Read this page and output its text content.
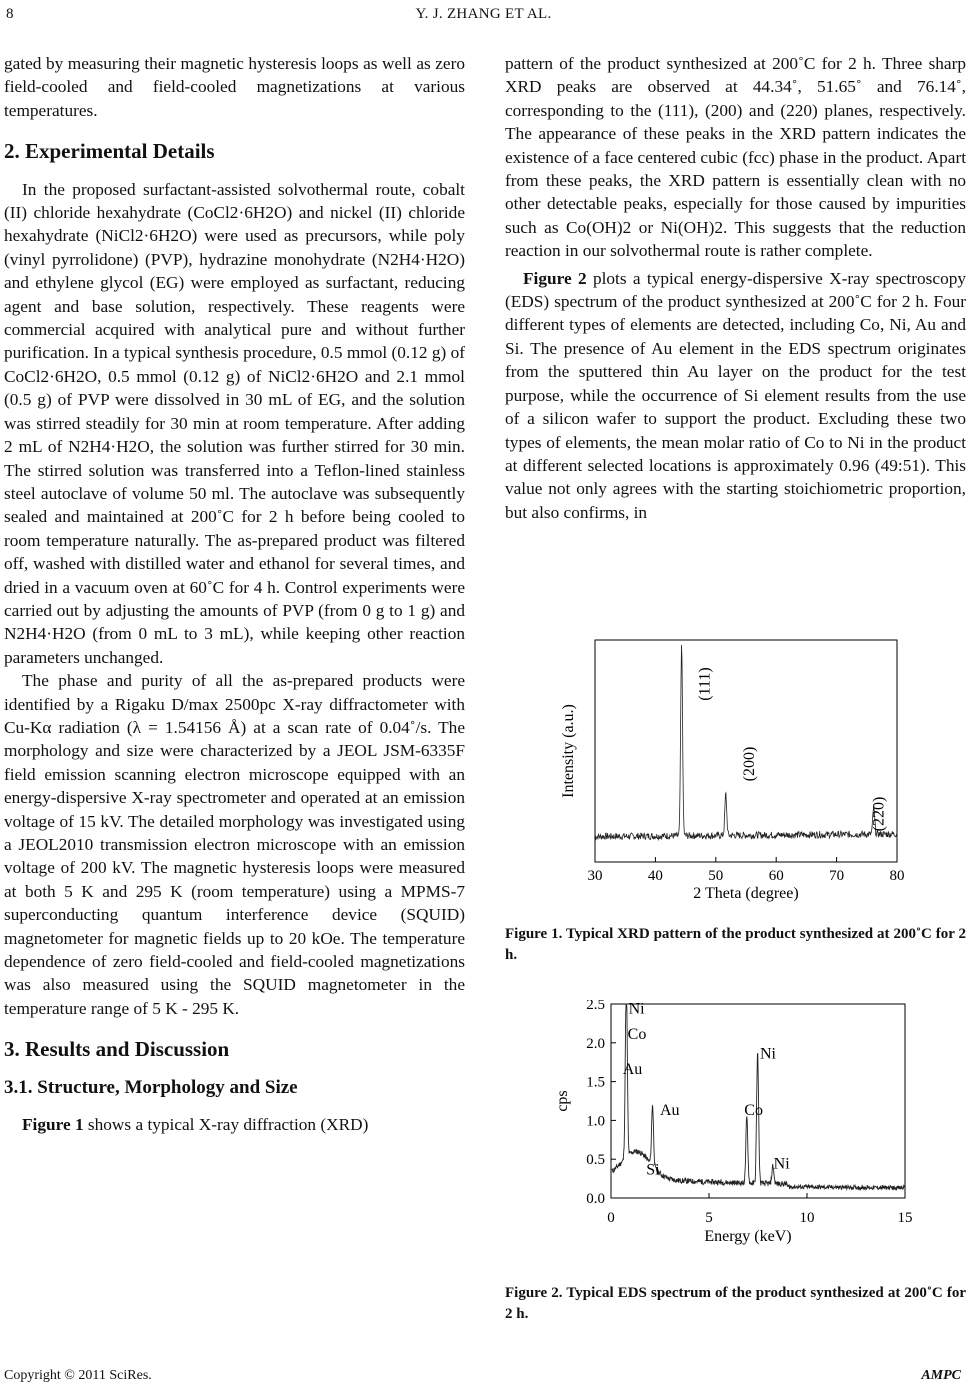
8	Y. J. ZHANG ET AL.

gated by measuring their magnetic hysteresis loops as well as zero field-cooled and field-cooled magnetizations at various temperatures.

2. Experimental Details

In the proposed surfactant-assisted solvothermal route, cobalt (II) chloride hexahydrate (CoCl2·6H2O) and nickel (II) chloride hexahydrate (NiCl2·6H2O) were used as precursors, while poly (vinyl pyrrolidone) (PVP), hydrazine monohydrate (N2H4·H2O) and ethylene glycol (EG) were employed as surfactant, reducing agent and base solution, respectively. These reagents were commercial acquired with analytical pure and without further purification. In a typical synthesis procedure, 0.5 mmol (0.12 g) of CoCl2·6H2O, 0.5 mmol (0.12 g) of NiCl2·6H2O and 2.1 mmol (0.5 g) of PVP were dissolved in 30 mL of EG, and the solution was stirred steadily for 30 min at room temperature. After adding 2 mL of N2H4·H2O, the solution was further stirred for 30 min. The stirred solution was transferred into a Teflon-lined stainless steel autoclave of volume 50 ml. The autoclave was subsequently sealed and maintained at 200˚C for 2 h before being cooled to room temperature naturally. The as-prepared product was filtered off, washed with distilled water and ethanol for several times, and dried in a vacuum oven at 60˚C for 4 h. Control experiments were carried out by adjusting the amounts of PVP (from 0 g to 1 g) and N2H4·H2O (from 0 mL to 3 mL), while keeping other reaction parameters unchanged.

The phase and purity of all the as-prepared products were identified by a Rigaku D/max 2500pc X-ray diffractometer with Cu-Kα radiation (λ = 1.54156 Å) at a scan rate of 0.04˚/s. The morphology and size were characterized by a JEOL JSM-6335F field emission scanning electron microscope equipped with an energy-dispersive X-ray spectrometer and operated at an emission voltage of 15 kV. The detailed morphology was investigated using a JEOL2010 transmission electron microscope with an emission voltage of 200 kV. The magnetic hysteresis loops were measured at both 5 K and 295 K (room temperature) using a MPMS-7 superconducting quantum interference device (SQUID) magnetometer for magnetic fields up to 20 kOe. The temperature dependence of zero field-cooled and field-cooled magnetizations was also measured using the SQUID magnetometer in the temperature range of 5 K - 295 K.

3. Results and Discussion
3.1. Structure, Morphology and Size

Figure 1 shows a typical X-ray diffraction (XRD)

pattern of the product synthesized at 200˚C for 2 h. Three sharp XRD peaks are observed at 44.34˚, 51.65˚ and 76.14˚, corresponding to the (111), (200) and (220) planes, respectively. The appearance of these peaks in the XRD pattern indicates the existence of a face centered cubic (fcc) phase in the product. Apart from these peaks, the XRD pattern is essentially clean with no other detectable peaks, especially for those caused by impurities such as Co(OH)2 or Ni(OH)2. This suggests that the reduction reaction in our solvothermal route is rather complete.

Figure 2 plots a typical energy-dispersive X-ray spectroscopy (EDS) spectrum of the product synthesized at 200˚C for 2 h. Four different types of elements are detected, including Co, Ni, Au and Si. The presence of Au element in the EDS spectrum originates from the sputtered thin Au layer on the product for the test purpose, while the occurrence of Si element results from the use of a silicon wafer to support the product. Excluding these two types of elements, the mean molar ratio of Co to Ni in the product at different selected locations is approximately 0.96 (49:51). This value not only agrees with the starting stoichiometric proportion, but also confirms, in

30	40	50	60	70	80
2 Theta (degree)
Intensity (a.u.)
(111)
(200)
(220)
Figure 1. Typical XRD pattern of the product synthesized at 200˚C for 2 h.
0	5	10	15
0.0
0.5
1.0
1.5
2.0
2.5
Energy (keV)
cps
Ni
Co
Au
Au
Si
Co
Ni
Ni
Figure 2. Typical EDS spectrum of the product synthesized at 200˚C for 2 h.
Copyright © 2011 SciRes.	AMPC
